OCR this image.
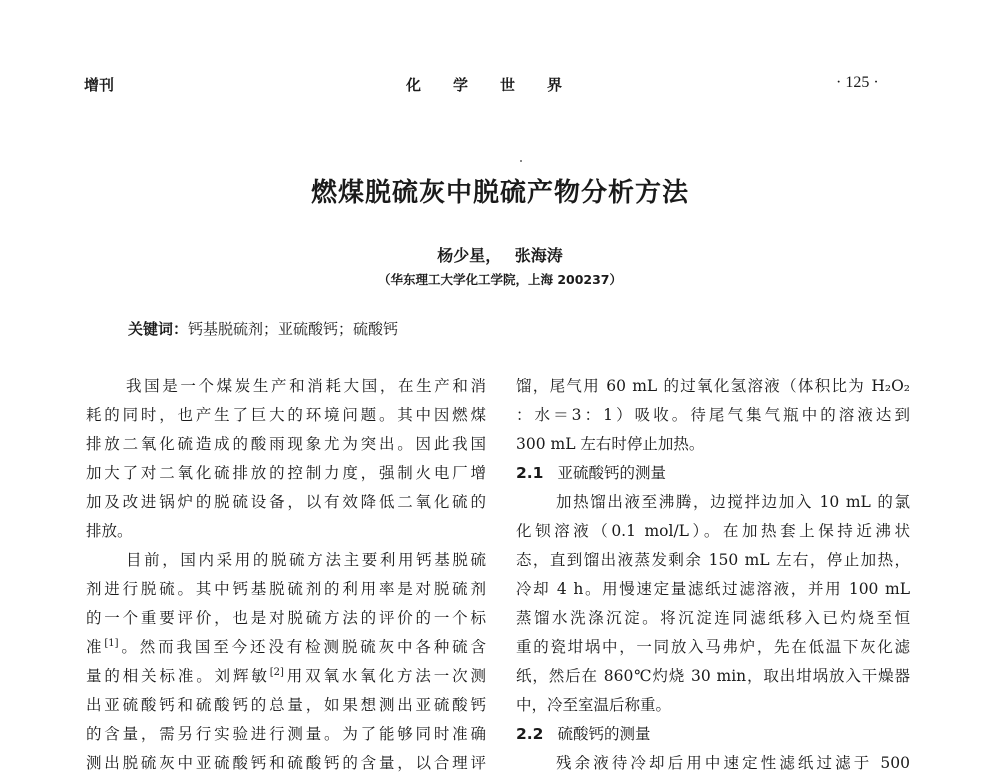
增刊	化学世界	· 125 ·
燃煤脱硫灰中脱硫产物分析方法
杨少星， 张海涛
（华东理工大学化工学院，上海 200237）
关键词：钙基脱硫剂；亚硫酸钙；硫酸钙
我国是一个煤炭生产和消耗大国，在生产和消
耗的同时，也产生了巨大的环境问题。其中因燃煤
排放二氧化硫造成的酸雨现象尤为突出。因此我国
加大了对二氧化硫排放的控制力度，强制火电厂增
加及改进锅炉的脱硫设备，以有效降低二氧化硫的
排放。
目前，国内采用的脱硫方法主要利用钙基脱硫
剂进行脱硫。其中钙基脱硫剂的利用率是对脱硫剂
的一个重要评价，也是对脱硫方法的评价的一个标
准[1]。然而我国至今还没有检测脱硫灰中各种硫含
量的相关标准。刘辉敏[2]用双氧水氧化方法一次测
出亚硫酸钙和硫酸钙的总量，如果想测出亚硫酸钙
的含量，需另行实验进行测量。为了能够同时准确
测出脱硫灰中亚硫酸钙和硫酸钙的含量，以合理评
馏，尾气用 60 mL 的过氧化氢溶液（体积比为 H₂O₂
：水＝3：1）吸收。待尾气集气瓶中的溶液达到
300 mL 左右时停止加热。
2.1 亚硫酸钙的测量
加热馏出液至沸腾，边搅拌边加入 10 mL 的氯
化钡溶液（0.1 mol/L）。在加热套上保持近沸状
态，直到馏出液蒸发剩余 150 mL 左右，停止加热，
冷却 4 h。用慢速定量滤纸过滤溶液，并用 100 mL
蒸馏水洗涤沉淀。将沉淀连同滤纸移入已灼烧至恒
重的瓷坩埚中，一同放入马弗炉，先在低温下灰化滤
纸，然后在 860℃灼烧 30 min，取出坩埚放入干燥器
中，冷至室温后称重。
2.2 硫酸钙的测量
残余液待冷却后用中速定性滤纸过滤于 500
